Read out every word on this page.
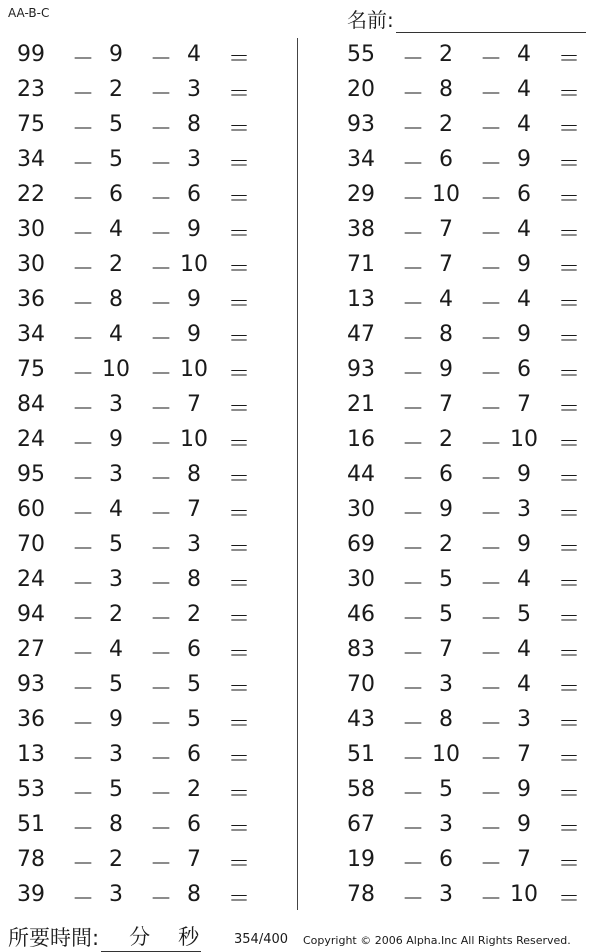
AA-B-C	名前:
99 － 9	－ 4	＝
23 － 2	－ 3	＝
75 － 5	－ 8	＝
34 － 5	－ 3	＝
22 － 6	－ 6	＝
30 － 4	－ 9	＝
30 － 2	－ 10 ＝
36 － 8	－ 9	＝
34 － 4	－ 9	＝
75 － 10 － 10 ＝
84 － 3	－ 7	＝
24 － 9	－ 10 ＝
95 － 3	－ 8	＝
60 － 4	－ 7	＝
70 － 5	－ 3	＝
24 － 3	－ 8	＝
94 － 2	－ 2	＝
27 － 4	－ 6	＝
93 － 5	－ 5	＝
36 － 9	－ 5	＝
13 － 3	－ 6	＝
53 － 5	－ 2	＝
51 － 8	－ 6	＝
78 － 2	－ 7	＝
39 － 3	－ 8	＝
55 － 2	－ 4	＝
20 － 8	－ 4	＝
93 － 2	－ 4	＝
34 － 6	－ 9	＝
29 － 10 － 6	＝
38 － 7	－ 4	＝
71 － 7	－ 9	＝
13 － 4	－ 4	＝
47 － 8	－ 9	＝
93 － 9	－ 6	＝
21 － 7	－ 7	＝
16 － 2	－ 10 ＝
44 － 6	－ 9	＝
30 － 9	－ 3	＝
69 － 2	－ 9	＝
30 － 5	－ 4	＝
46 － 5	－ 5	＝
83 － 7	－ 4	＝
70 － 3	－ 4	＝
43 － 8	－ 3	＝
51 － 10 － 7	＝
58 － 5	－ 9	＝
67 － 3	－ 9	＝
19 － 6	－ 7	＝
78 － 3	－ 10 ＝
所要時間: 分 秒	354/400 Copyright © 2006 Alpha.Inc All Rights Reserved.
